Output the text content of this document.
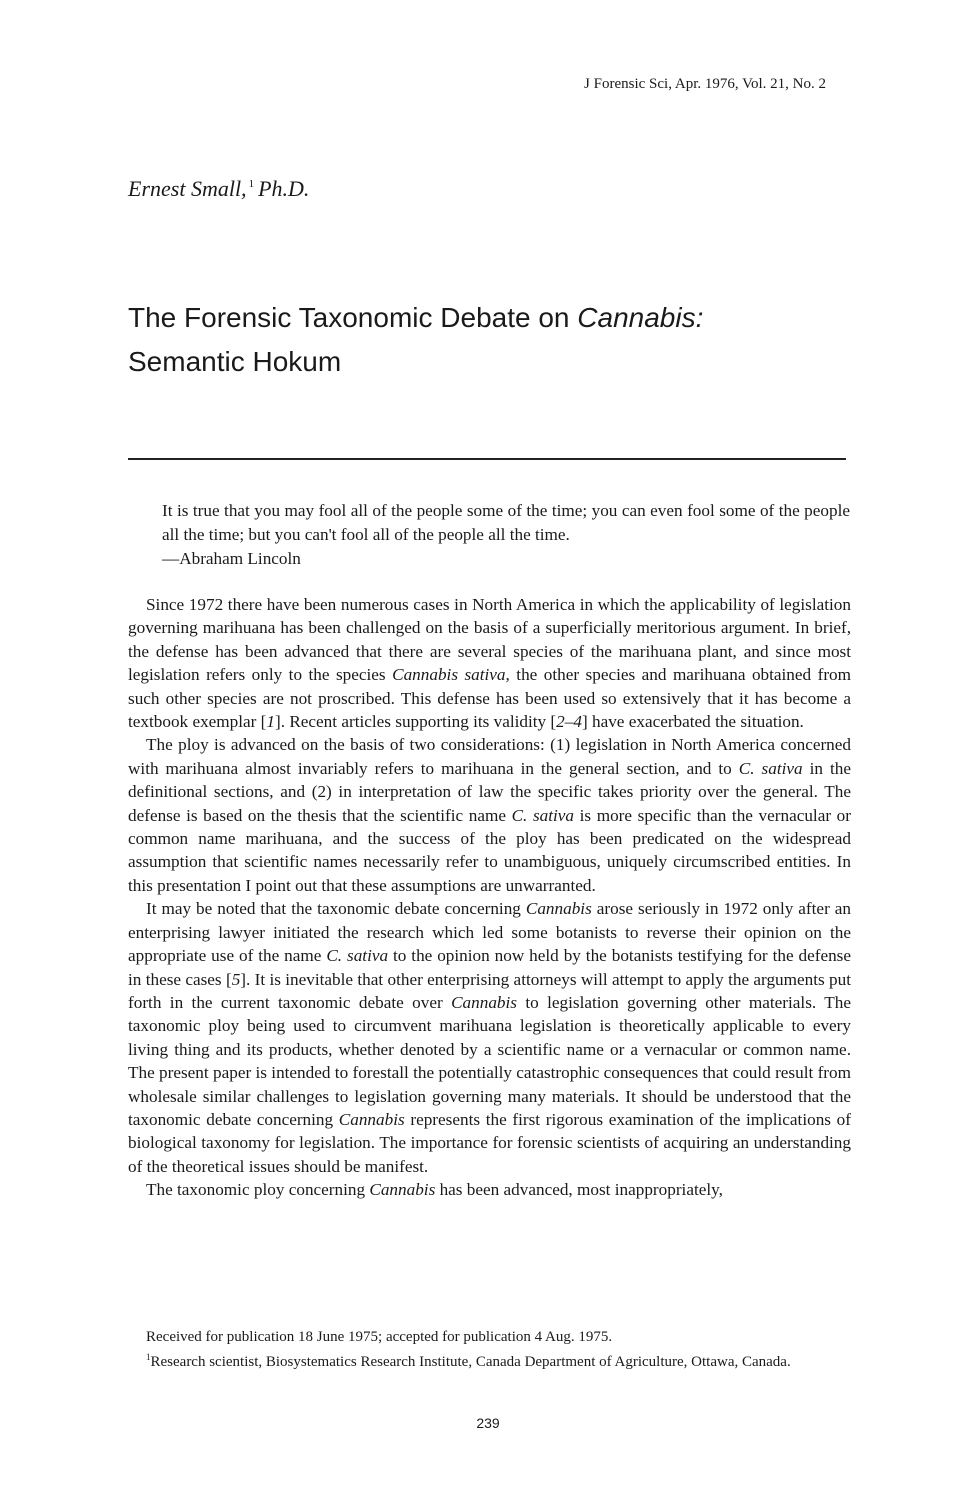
J Forensic Sci, Apr. 1976, Vol. 21, No. 2
Ernest Small, $^1$ Ph.D.
The Forensic Taxonomic Debate on Cannabis:
Semantic Hokum
It is true that you may fool all of the people some of the time; you can even fool some of the people all the time; but you can't fool all of the people all the time.
—Abraham Lincoln

Since 1972 there have been numerous cases in North America in which the applicability of legislation governing marihuana has been challenged on the basis of a superficially meritorious argument. In brief, the defense has been advanced that there are several species of the marihuana plant, and since most legislation refers only to the species Cannabis sativa, the other species and marihuana obtained from such other species are not proscribed. This defense has been used so extensively that it has become a textbook exemplar [1]. Recent articles supporting its validity [2–4] have exacerbated the situation.

The ploy is advanced on the basis of two considerations: (1) legislation in North America concerned with marihuana almost invariably refers to marihuana in the general section, and to C. sativa in the definitional sections, and (2) in interpretation of law the specific takes priority over the general. The defense is based on the thesis that the scientific name C. sativa is more specific than the vernacular or common name marihuana, and the success of the ploy has been predicated on the widespread assumption that scientific names necessarily refer to unambiguous, uniquely circumscribed entities. In this presentation I point out that these assumptions are unwarranted.

It may be noted that the taxonomic debate concerning Cannabis arose seriously in 1972 only after an enterprising lawyer initiated the research which led some botanists to reverse their opinion on the appropriate use of the name C. sativa to the opinion now held by the botanists testifying for the defense in these cases [5]. It is inevitable that other enterprising attorneys will attempt to apply the arguments put forth in the current taxonomic debate over Cannabis to legislation governing other materials. The taxonomic ploy being used to circumvent marihuana legislation is theoretically applicable to every living thing and its products, whether denoted by a scientific name or a vernacular or common name. The present paper is intended to forestall the potentially catastrophic consequences that could result from wholesale similar challenges to legislation governing many materials. It should be understood that the taxonomic debate concerning Cannabis represents the first rigorous examination of the implications of biological taxonomy for legislation. The importance for forensic scientists of acquiring an understanding of the theoretical issues should be manifest.

The taxonomic ploy concerning Cannabis has been advanced, most inappropriately,

Received for publication 18 June 1975; accepted for publication 4 Aug. 1975.

$^1$Research scientist, Biosystematics Research Institute, Canada Department of Agriculture, Ottawa, Canada.

239
